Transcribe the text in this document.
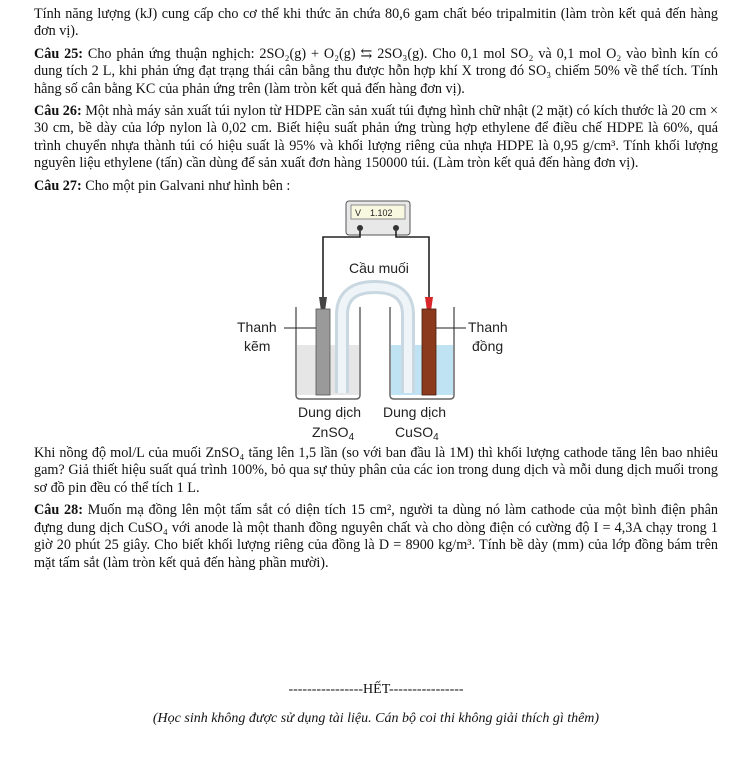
Tính năng lượng (kJ) cung cấp cho cơ thể khi thức ăn chứa 80,6 gam chất béo tripalmitin (làm tròn kết quả đến hàng đơn vị).

Câu 25: Cho phản ứng thuận nghịch: 2SO₂(g) + O₂(g) ⇆ 2SO₃(g). Cho 0,1 mol SO₂ và 0,1 mol O₂ vào bình kín có dung tích 2 L, khi phản ứng đạt trạng thái cân bằng thu được hỗn hợp khí X trong đó SO₃ chiếm 50% về thể tích. Tính hằng số cân bằng KC của phản ứng trên (làm tròn kết quả đến hàng đơn vị).

Câu 26: Một nhà máy sản xuất túi nylon từ HDPE cần sản xuất túi đựng hình chữ nhật (2 mặt) có kích thước là 20 cm × 30 cm, bề dày của lớp nylon là 0,02 cm. Biết hiệu suất phản ứng trùng hợp ethylene để điều chế HDPE là 60%, quá trình chuyển nhựa thành túi có hiệu suất là 95% và khối lượng riêng của nhựa HDPE là 0,95 g/cm³. Tính khối lượng nguyên liệu ethylene (tấn) cần dùng để sản xuất đơn hàng 150000 túi. (Làm tròn kết quả đến hàng đơn vị).

Câu 27: Cho một pin Galvani như hình bên :

V 1.102
Cầu muối
Thanh
kẽm
Thanh
đồng
Dung dịch
ZnSO$_4$
Dung dịch
CuSO$_4$

Khi nồng độ mol/L của muối ZnSO₄ tăng lên 1,5 lần (so với ban đầu là 1M) thì khối lượng cathode tăng lên bao nhiêu gam? Giả thiết hiệu suất quá trình 100%, bỏ qua sự thủy phân của các ion trong dung dịch và mỗi dung dịch muối trong sơ đồ pin đều có thể tích 1 L.

Câu 28: Muốn mạ đồng lên một tấm sắt có diện tích 15 cm², người ta dùng nó làm cathode của một bình điện phân đựng dung dịch CuSO₄ với anode là một thanh đồng nguyên chất và cho dòng điện có cường độ I = 4,3A chạy trong 1 giờ 20 phút 25 giây. Cho biết khối lượng riêng của đồng là D = 8900 kg/m³. Tính bề dày (mm) của lớp đồng bám trên mặt tấm sắt (làm tròn kết quả đến hàng phần mười).

----------------HẾT----------------
(Học sinh không được sử dụng tài liệu. Cán bộ coi thi không giải thích gì thêm)
